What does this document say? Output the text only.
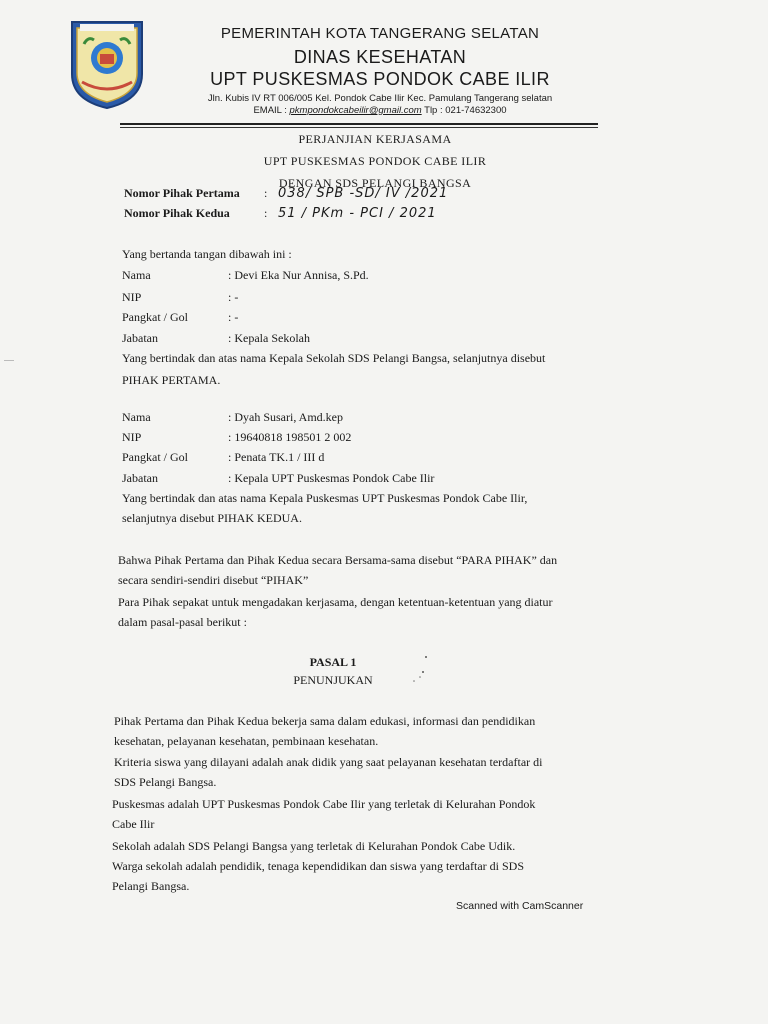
PEMERINTAH KOTA TANGERANG SELATAN
DINAS KESEHATAN
UPT PUSKESMAS PONDOK CABE ILIR
Jln. Kubis IV RT 006/005 Kel. Pondok Cabe Ilir Kec. Pamulang Tangerang selatan
EMAIL : pkmpondokcabeilir@gmail.com Tlp : 021-74632300
PERJANJIAN KERJASAMA
UPT PUSKESMAS PONDOK CABE ILIR
DENGAN SDS PELANGI BANGSA
Nomor Pihak Pertama : 038/ SPB -SD/ IV /2021
Nomor Pihak Kedua	: 51 / PKm - PCI / 2021
Yang bertanda tangan dibawah ini :
Nama	: Devi Eka Nur Annisa, S.Pd.
NIP	: -
Pangkat / Gol	: -
Jabatan	: Kepala Sekolah
Yang bertindak dan atas nama Kepala Sekolah SDS Pelangi Bangsa, selanjutnya disebut
PIHAK PERTAMA.
Nama	: Dyah Susari, Amd.kep
NIP	: 19640818 198501 2 002
Pangkat / Gol	: Penata TK.1 / III d
Jabatan	: Kepala UPT Puskesmas Pondok Cabe Ilir
Yang bertindak dan atas nama Kepala Puskesmas UPT Puskesmas Pondok Cabe Ilir,
selanjutnya disebut PIHAK KEDUA.
Bahwa Pihak Pertama dan Pihak Kedua secara Bersama-sama disebut “PARA PIHAK” dan
secara sendiri-sendiri disebut “PIHAK”
Para Pihak sepakat untuk mengadakan kerjasama, dengan ketentuan-ketentuan yang diatur
dalam pasal-pasal berikut :
PASAL 1
PENUNJUKAN
Pihak Pertama dan Pihak Kedua bekerja sama dalam edukasi, informasi dan pendidikan
kesehatan, pelayanan kesehatan, pembinaan kesehatan.
Kriteria siswa yang dilayani adalah anak didik yang saat pelayanan kesehatan terdaftar di
SDS Pelangi Bangsa.
Puskesmas adalah UPT Puskesmas Pondok Cabe Ilir yang terletak di Kelurahan Pondok
Cabe Ilir
Sekolah adalah SDS Pelangi Bangsa yang terletak di Kelurahan Pondok Cabe Udik.
Warga sekolah adalah pendidik, tenaga kependidikan dan siswa yang terdaftar di SDS
Pelangi Bangsa.
Scanned with CamScanner
